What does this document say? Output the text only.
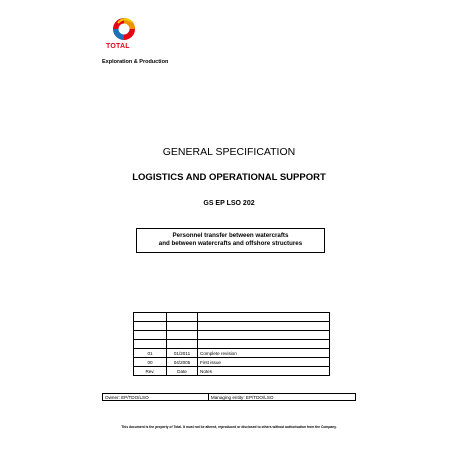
TOTAL
Exploration & Production
GENERAL SPECIFICATION
LOGISTICS AND OPERATIONAL SUPPORT
GS EP LSO 202
Personnel transfer between watercrafts
and between watercrafts and offshore structures

01	01/2011	Complete revision
00	04/2005	First issue
Rev.	Date	Notes
Owner: EP/TDO/LSO	Managing entity: EP/TDO/LSO
This document is the property of Total. It must not be altered, reproduced or disclosed to others without authorisation from the Company.
